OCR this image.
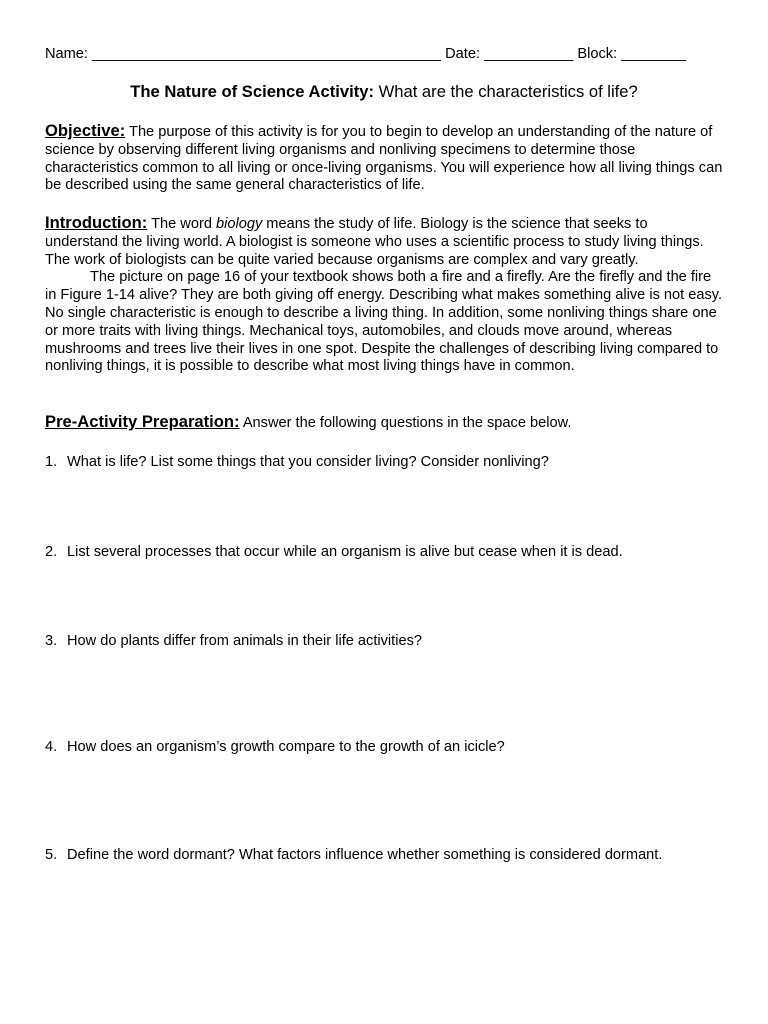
Name: ___________________________________________ Date: ___________ Block: ________
The Nature of Science Activity: What are the characteristics of life?
Objective: The purpose of this activity is for you to begin to develop an understanding of the nature of science by observing different living organisms and nonliving specimens to determine those characteristics common to all living or once-living organisms. You will experience how all living things can be described using the same general characteristics of life.
Introduction: The word biology means the study of life. Biology is the science that seeks to understand the living world. A biologist is someone who uses a scientific process to study living things. The work of biologists can be quite varied because organisms are complex and vary greatly.
The picture on page 16 of your textbook shows both a fire and a firefly. Are the firefly and the fire in Figure 1-14 alive? They are both giving off energy. Describing what makes something alive is not easy. No single characteristic is enough to describe a living thing. In addition, some nonliving things share one or more traits with living things. Mechanical toys, automobiles, and clouds move around, whereas mushrooms and trees live their lives in one spot. Despite the challenges of describing living compared to nonliving things, it is possible to describe what most living things have in common.
Pre-Activity Preparation: Answer the following questions in the space below.
1. What is life? List some things that you consider living? Consider nonliving?
2. List several processes that occur while an organism is alive but cease when it is dead.
3. How do plants differ from animals in their life activities?
4. How does an organism’s growth compare to the growth of an icicle?
5. Define the word dormant? What factors influence whether something is considered dormant.
